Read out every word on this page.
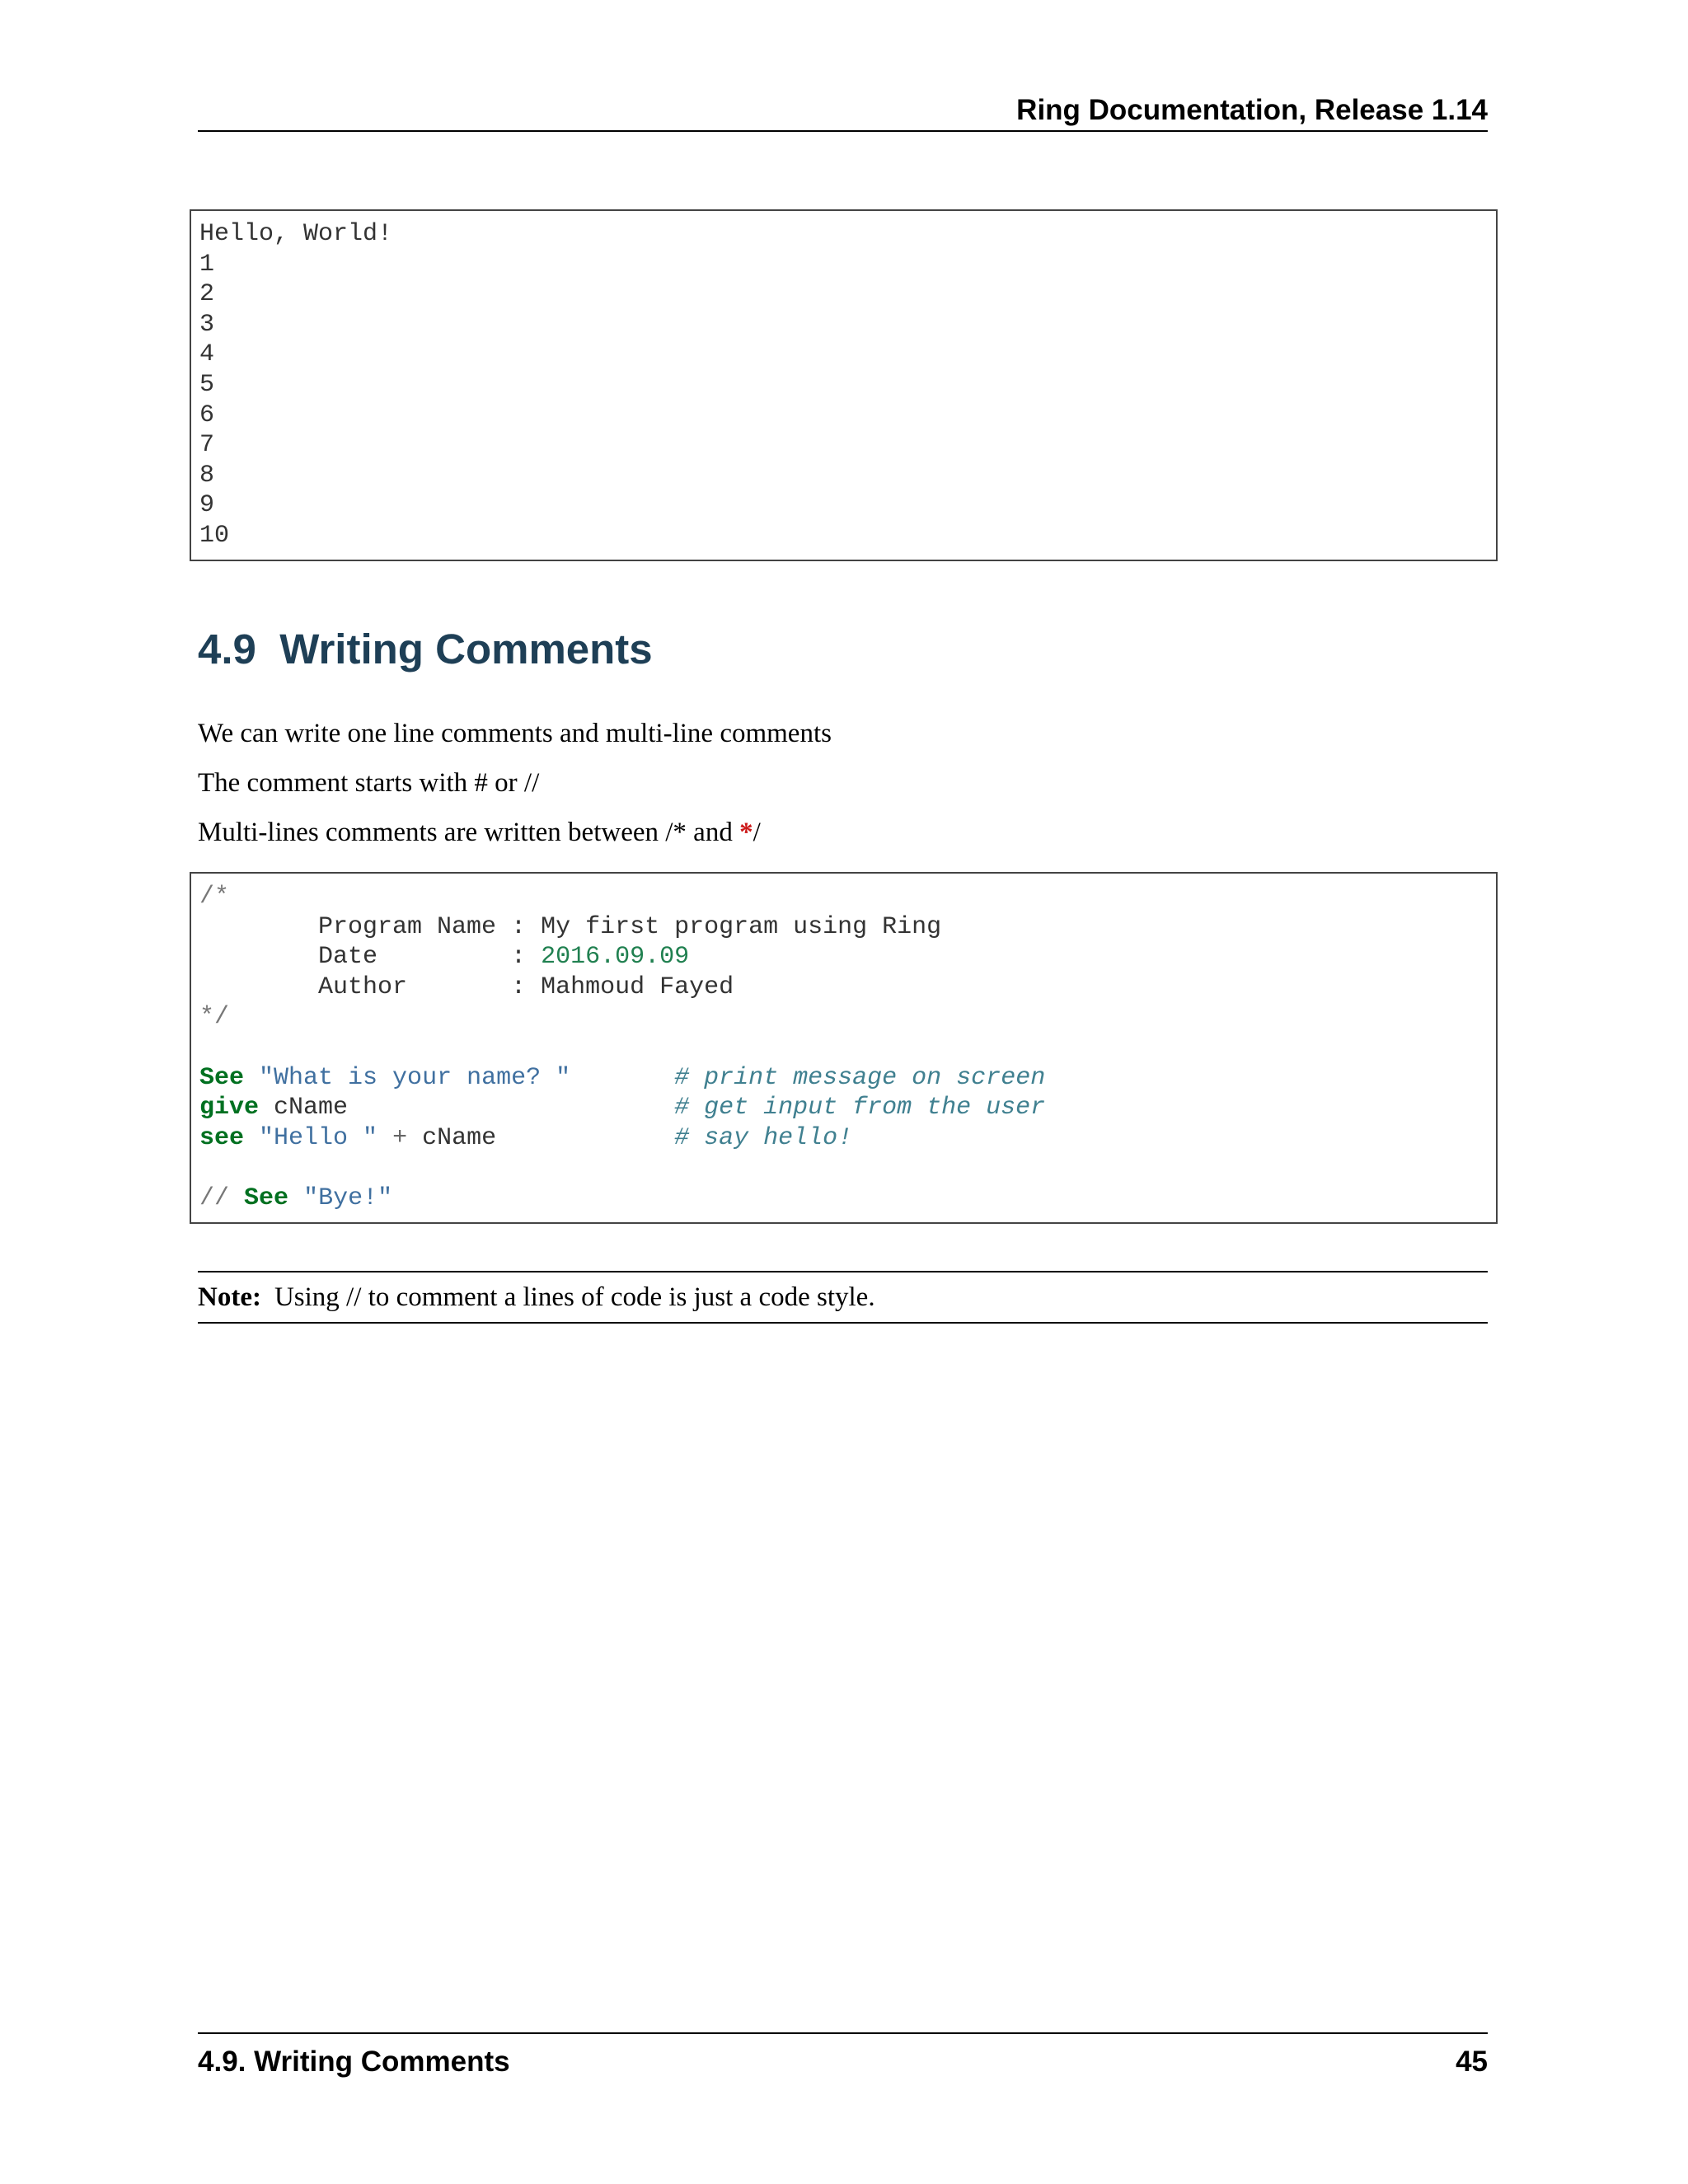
Ring Documentation, Release 1.14
Hello, World!
1
2
3
4
5
6
7
8
9
10
4.9 Writing Comments

We can write one line comments and multi-line comments

The comment starts with # or //

Multi-lines comments are written between /* and */

/*
Program Name : My first program using Ring
Date         : 2016.09.09
Author       : Mahmoud Fayed
*/

See "What is your name? "	# print message on screen
give cName                      # get input from the user
see "Hello " + cName            # say hello!

// See "Bye!"
Note: Using // to comment a lines of code is just a code style.
4.9. Writing Comments	45
